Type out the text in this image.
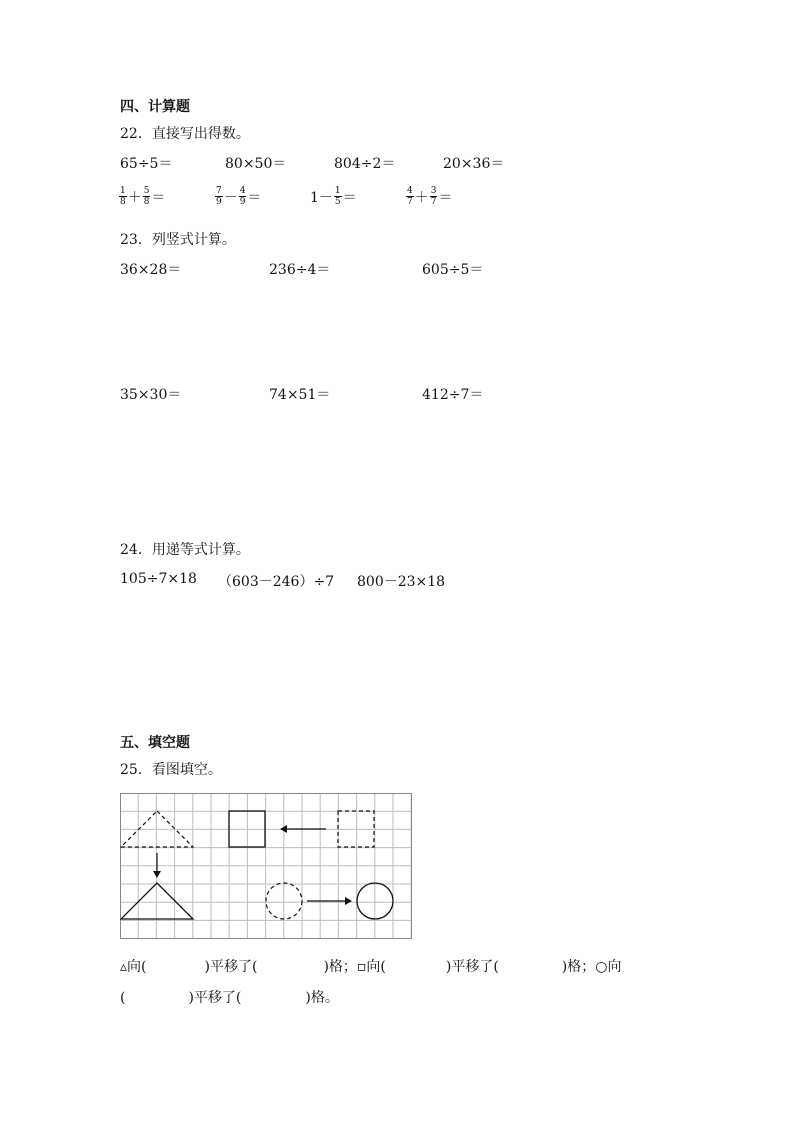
四、计算题
22．直接写出得数。
65÷5＝	80×50＝	804÷2＝	20×36＝
$\frac{1}{8} + \frac{5}{8}$ ＝	$\frac{7}{9} - \frac{4}{9}$ ＝	$1- \frac{1}{5}$ ＝	$\frac{4}{7} + \frac{3}{7}$ ＝
23．列竖式计算。
36×28＝	236÷4＝	605÷5＝
35×30＝	74×51＝	412÷7＝
24．用递等式计算。
105÷7×18 （603－246）÷7 800－23×18
五、填空题
25．看图填空。
▵向(	)平移了(	)格；▫向(	)平移了(	)格；○向
(	)平移了(	)格。
